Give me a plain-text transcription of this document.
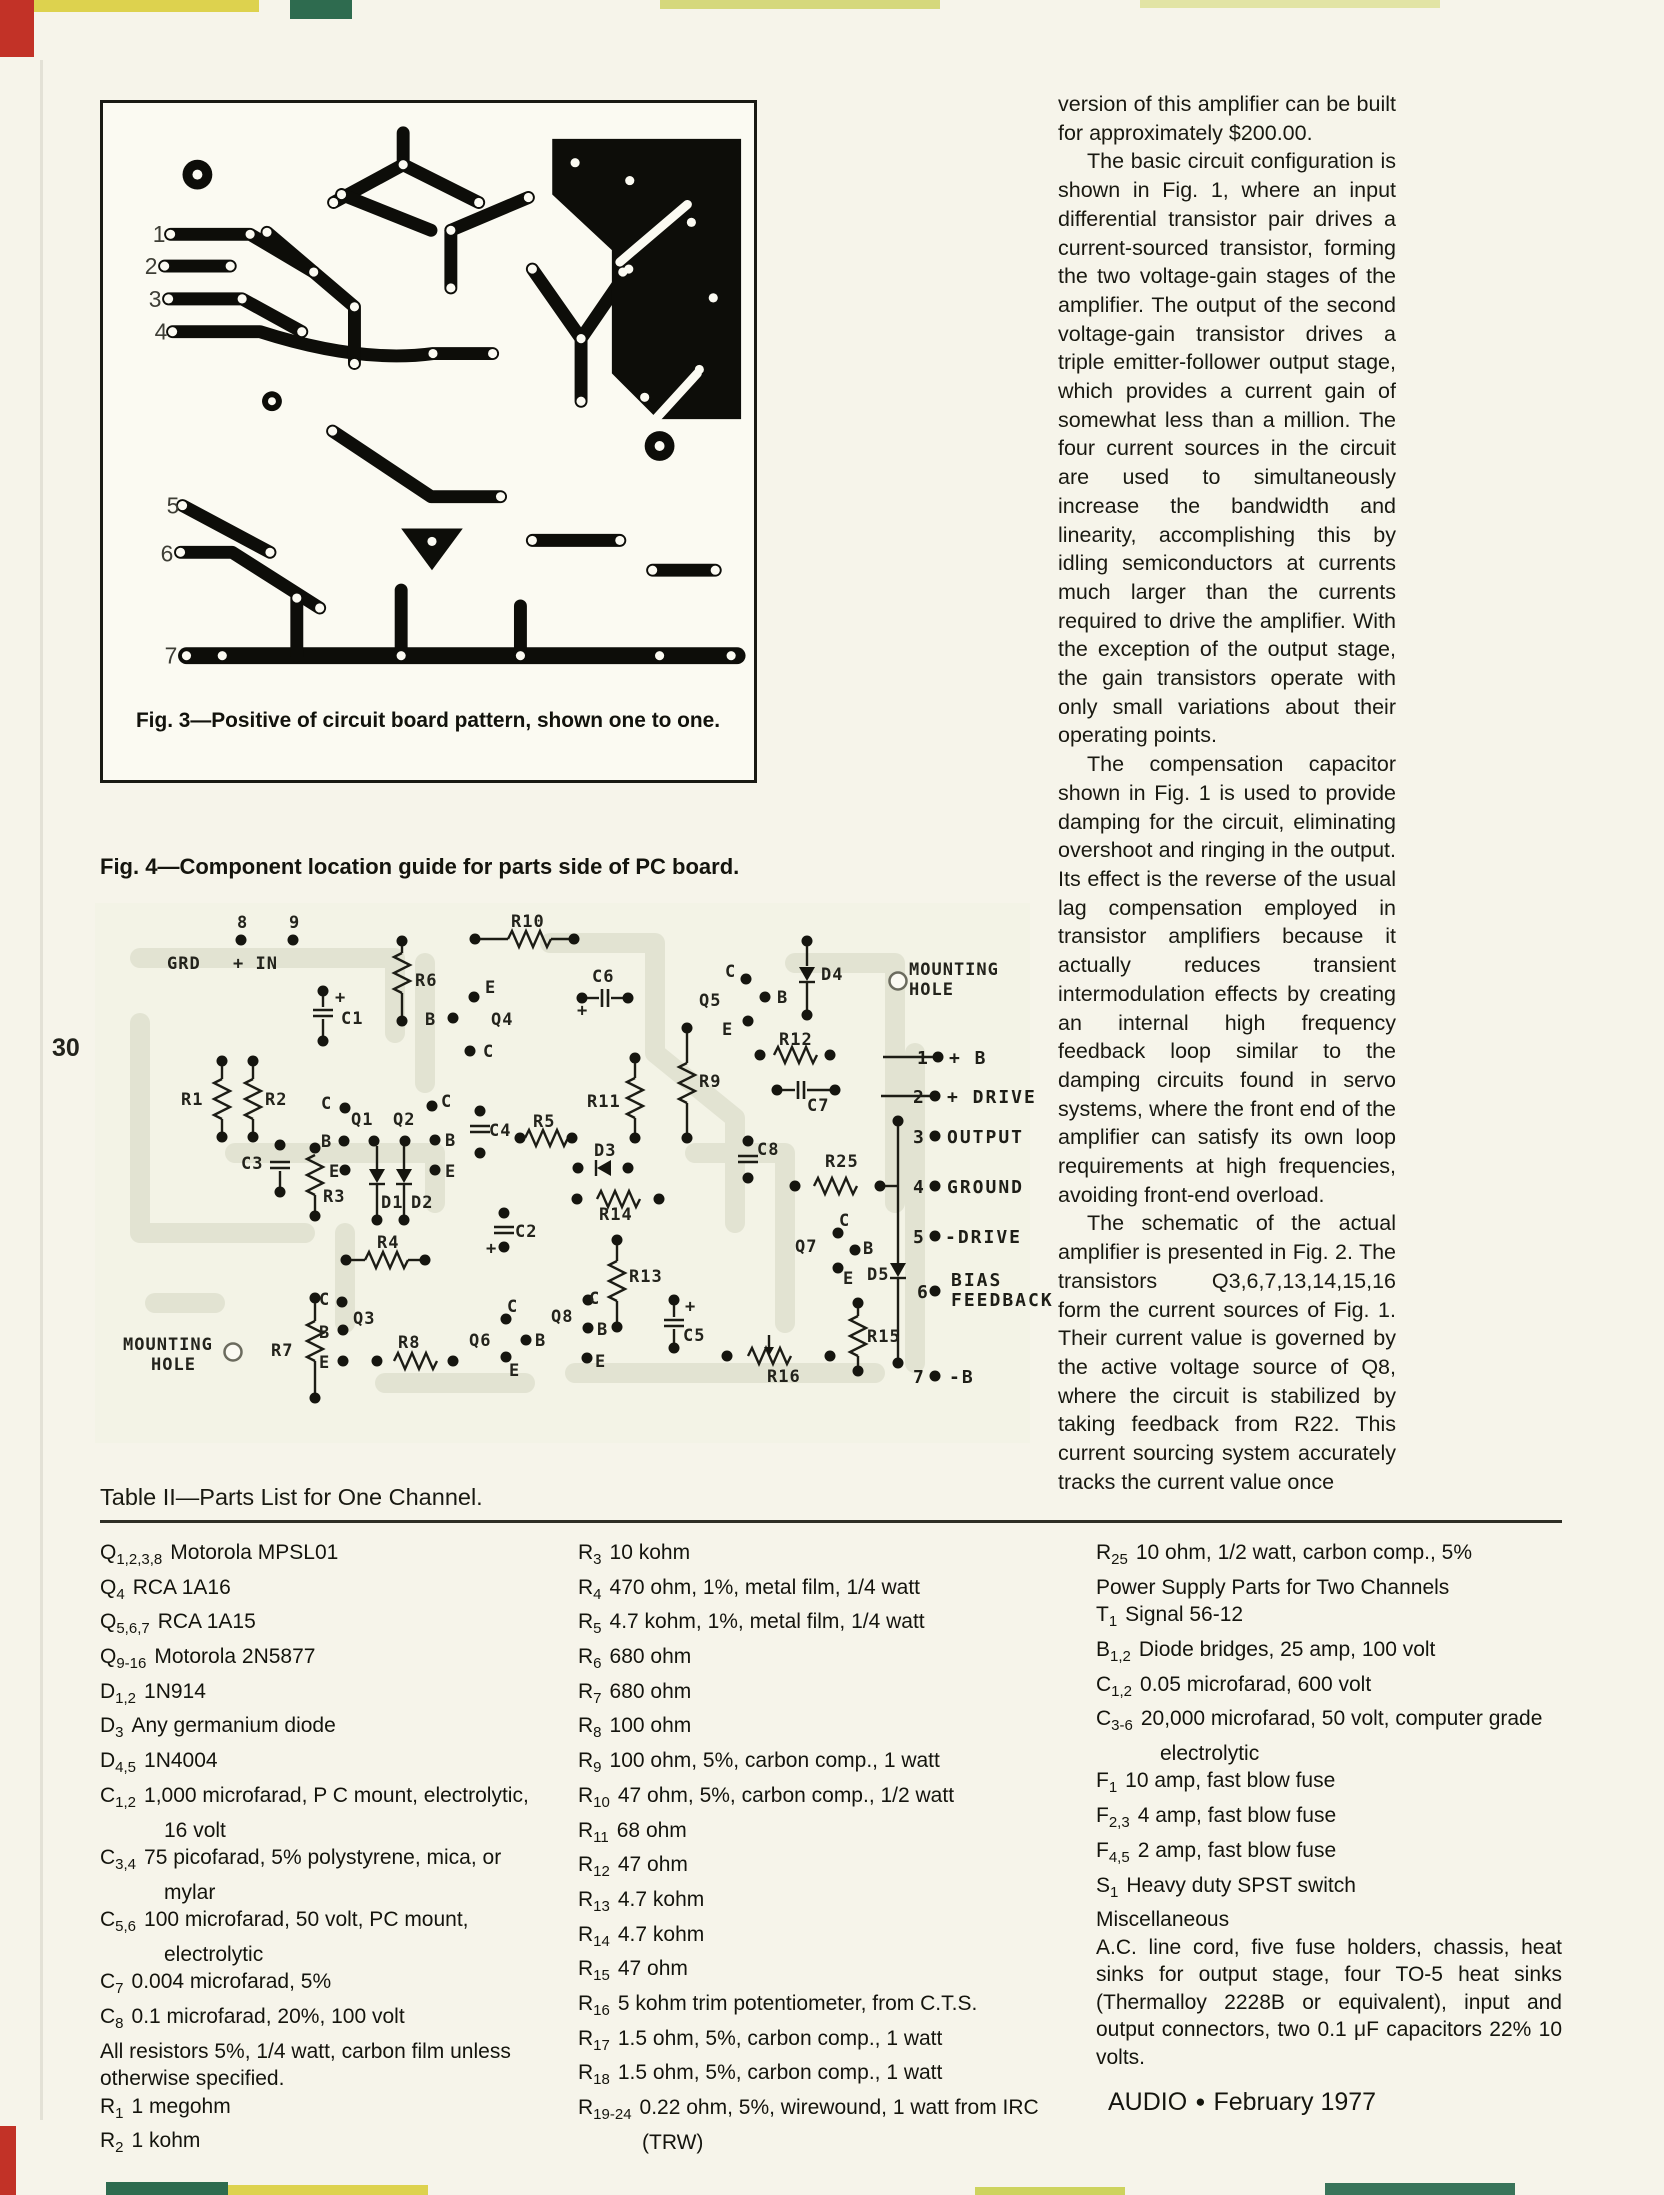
1
2
3
4
5
6
7
Fig. 3—Positive of circuit board pattern, shown one to one.
Fig. 4—Component location guide for parts side of PC board.
8 9
GRD + IN
+
C1
R6	E
B	Q4
C
R10
C6
+
C
Q5	B
E
D4	MOUNTING
HOLE
R12
C7
R9
R11
R5
D3	C8
R25
R1	R2 C
Q1 Q2
C
C4
B	B
C3	E	E
R3 D1 D2
R4
C2
+
R14
R13
C
Q8
B
E
C
Q6	B
E
+
C5
R16
C
Q7	B
E D5
R15
MOUNTING
HOLE
R7
C
Q3
B
E
R8
1 + B
2 + DRIVE
3 OUTPUT
4 GROUND
5 -DRIVE
6
BIAS
FEEDBACK
7 -B
30

version of this amplifier can be built for approximately $200.00.

The basic circuit configuration is shown in Fig. 1, where an input differential transistor pair drives a current-sourced transistor, forming the two voltage-gain stages of the amplifier. The output of the second voltage-gain transistor drives a triple emitter-follower output stage, which provides a current gain of somewhat less than a million. The four current sources in the circuit are used to simultaneously increase the bandwidth and linearity, accomplishing this by idling semiconductors at currents much larger than the currents required to drive the amplifier. With the exception of the output stage, the gain transistors operate with only small variations about their operating points.

The compensation capacitor shown in Fig. 1 is used to provide damping for the circuit, eliminating overshoot and ringing in the output. Its effect is the reverse of the usual lag compensation employed in transistor amplifiers because it actually reduces transient intermodulation effects by creating an internal high frequency feedback loop similar to the damping circuits found in servo systems, where the front end of the amplifier can satisfy its own loop requirements at high frequencies, avoiding front-end overload.

The schematic of the actual amplifier is presented in Fig. 2. The transistors Q3,6,7,13,14,15,16 form the current sources of Fig. 1. Their current value is governed by the active voltage source of Q8, where the circuit is stabilized by taking feedback from R22. This current sourcing system accurately tracks the current value once

Table II—Parts List for One Channel.
$Q_{1,2,3,8}$ Motorola MPSL01
$Q_4$ RCA 1A16
$Q_{5,6,7}$ RCA 1A15
$Q_{9-16}$ Motorola 2N5877
$D_{1,2}$ 1N914
$D_3$ Any germanium diode
$D_{4,5}$ 1N4004
$C_{1,2}$ 1,000 microfarad, P C mount, electrolytic, 16 volt
$C_{3,4}$ 75 picofarad, 5% polystyrene, mica, or mylar
$C_{5,6}$ 100 microfarad, 50 volt, PC mount, electrolytic
$C_7$ 0.004 microfarad, 5%
$C_8$ 0.1 microfarad, 20%, 100 volt

All resistors 5%, 1/4 watt, carbon film unless otherwise specified.

$R_1$ 1 megohm
$R_2$ 1 kohm
$R_3$ 10 kohm
$R_4$ 470 ohm, 1%, metal film, 1/4 watt
$R_5$ 4.7 kohm, 1%, metal film, 1/4 watt
$R_6$ 680 ohm
$R_7$ 680 ohm
$R_8$ 100 ohm
$R_9$ 100 ohm, 5%, carbon comp., 1 watt
$R_{10}$ 47 ohm, 5%, carbon comp., 1/2 watt
$R_{11}$ 68 ohm
$R_{12}$ 47 ohm
$R_{13}$ 4.7 kohm
$R_{14}$ 4.7 kohm
$R_{15}$ 47 ohm
$R_{16}$ 5 kohm trim potentiometer, from C.T.S.
$R_{17}$ 1.5 ohm, 5%, carbon comp., 1 watt
$R_{18}$ 1.5 ohm, 5%, carbon comp., 1 watt
$R_{19-24}$ 0.22 ohm, 5%, wirewound, 1 watt from IRC (TRW)
$R_{25}$ 10 ohm, 1/2 watt, carbon comp., 5%

Power Supply Parts for Two Channels

$T_1$ Signal 56-12
$B_{1,2}$ Diode bridges, 25 amp, 100 volt
$C_{1,2}$ 0.05 microfarad, 600 volt
$C_{3-6}$ 20,000 microfarad, 50 volt, computer grade electrolytic
$F_1$ 10 amp, fast blow fuse
$F_{2,3}$ 4 amp, fast blow fuse
$F_{4,5}$ 2 amp, fast blow fuse
$S_1$ Heavy duty SPST switch

Miscellaneous

A.C. line cord, five fuse holders, chassis, heat sinks for output stage, four TO-5 heat sinks (Thermalloy 2228B or equivalent), input and output connectors, two 0.1 μF capacitors 22% 10 volts.

AUDIO ● February 1977
